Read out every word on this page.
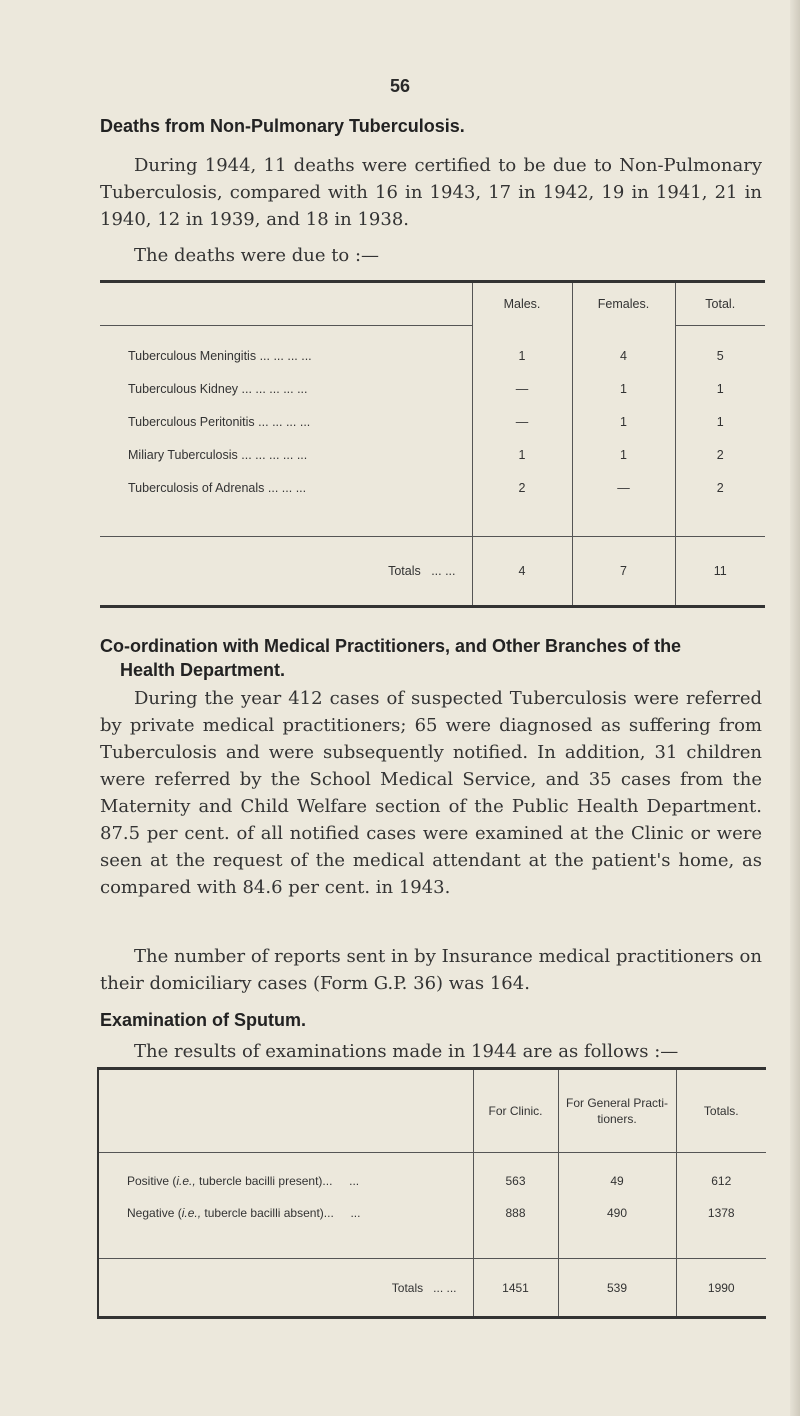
56
Deaths from Non-Pulmonary Tuberculosis.

During 1944, 11 deaths were certified to be due to Non-Pulmonary Tuberculosis, compared with 16 in 1943, 17 in 1942, 19 in 1941, 21 in 1940, 12 in 1939, and 18 in 1938.

The deaths were due to :—

	Males.	Females.	Total.

Tuberculous Meningitis ... ... ... ...	1	4	5
Tuberculous Kidney ... ... ... ... ...	—	1	1
Tuberculous Peritonitis ... ... ... ...	—	1	1
Miliary Tuberculosis ... ... ... ... ...	1	1	2
Tuberculosis of Adrenals ... ... ...	2	—	2

Totals ... ...	4	7	11
Co-ordination with Medical Practitioners, and Other Branches of the
Health Department.

During the year 412 cases of suspected Tuberculosis were referred by private medical practitioners; 65 were diagnosed as suffering from Tuberculosis and were subsequently notified. In addition, 31 children were referred by the School Medical Service, and 35 cases from the Maternity and Child Welfare section of the Public Health Department. 87.5 per cent. of all notified cases were examined at the Clinic or were seen at the request of the medical attendant at the patient's home, as compared with 84.6 per cent. in 1943.

The number of reports sent in by Insurance medical practitioners on their domiciliary cases (Form G.P. 36) was 164.

Examination of Sputum.

The results of examinations made in 1944 are as follows :—

	For Clinic.	For General Practi-tioners.	Totals.

Positive (i.e., tubercle bacilli present)... ...	563	49	612
Negative (i.e., tubercle bacilli absent)... ...	888	490	1378

Totals ... ...	1451	539	1990
